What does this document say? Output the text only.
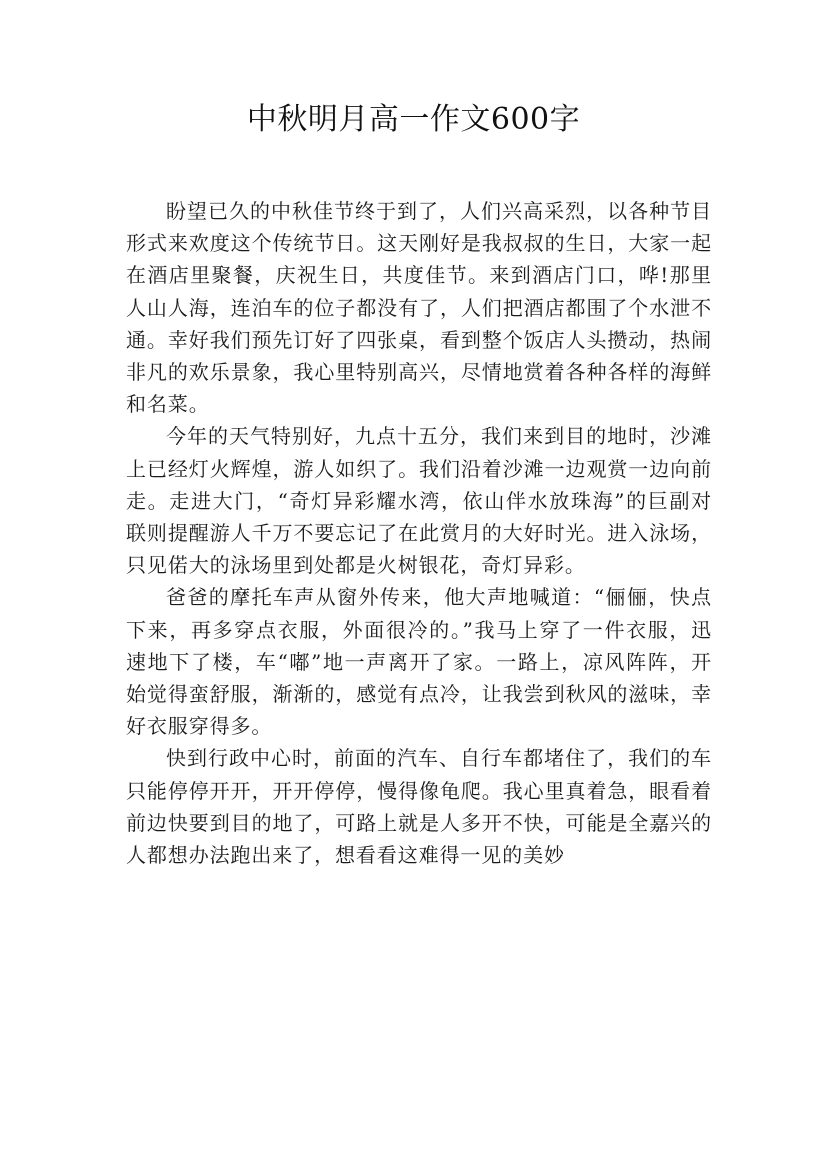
中秋明月高一作文600字

盼望已久的中秋佳节终于到了，人们兴高采烈，以各种节目形式来欢度这个传统节日。这天刚好是我叔叔的生日，大家一起在酒店里聚餐，庆祝生日，共度佳节。来到酒店门口，哗!那里人山人海，连泊车的位子都没有了，人们把酒店都围了个水泄不通。幸好我们预先订好了四张桌，看到整个饭店人头攒动，热闹非凡的欢乐景象，我心里特别高兴，尽情地赏着各种各样的海鲜和名菜。

今年的天气特别好，九点十五分，我们来到目的地时，沙滩上已经灯火辉煌，游人如织了。我们沿着沙滩一边观赏一边向前走。走进大门，“奇灯异彩耀水湾，依山伴水放珠海”的巨副对联则提醒游人千万不要忘记了在此赏月的大好时光。进入泳场，只见偌大的泳场里到处都是火树银花，奇灯异彩。

爸爸的摩托车声从窗外传来，他大声地喊道：“俪俪，快点下来，再多穿点衣服，外面很冷的。”我马上穿了一件衣服，迅速地下了楼，车“嘟”地一声离开了家。一路上，凉风阵阵，开始觉得蛮舒服，渐渐的，感觉有点冷，让我尝到秋风的滋味，幸好衣服穿得多。

快到行政中心时，前面的汽车、自行车都堵住了，我们的车只能停停开开，开开停停，慢得像龟爬。我心里真着急，眼看着前边快要到目的地了，可路上就是人多开不快，可能是全嘉兴的人都想办法跑出来了，想看看这难得一见的美妙
